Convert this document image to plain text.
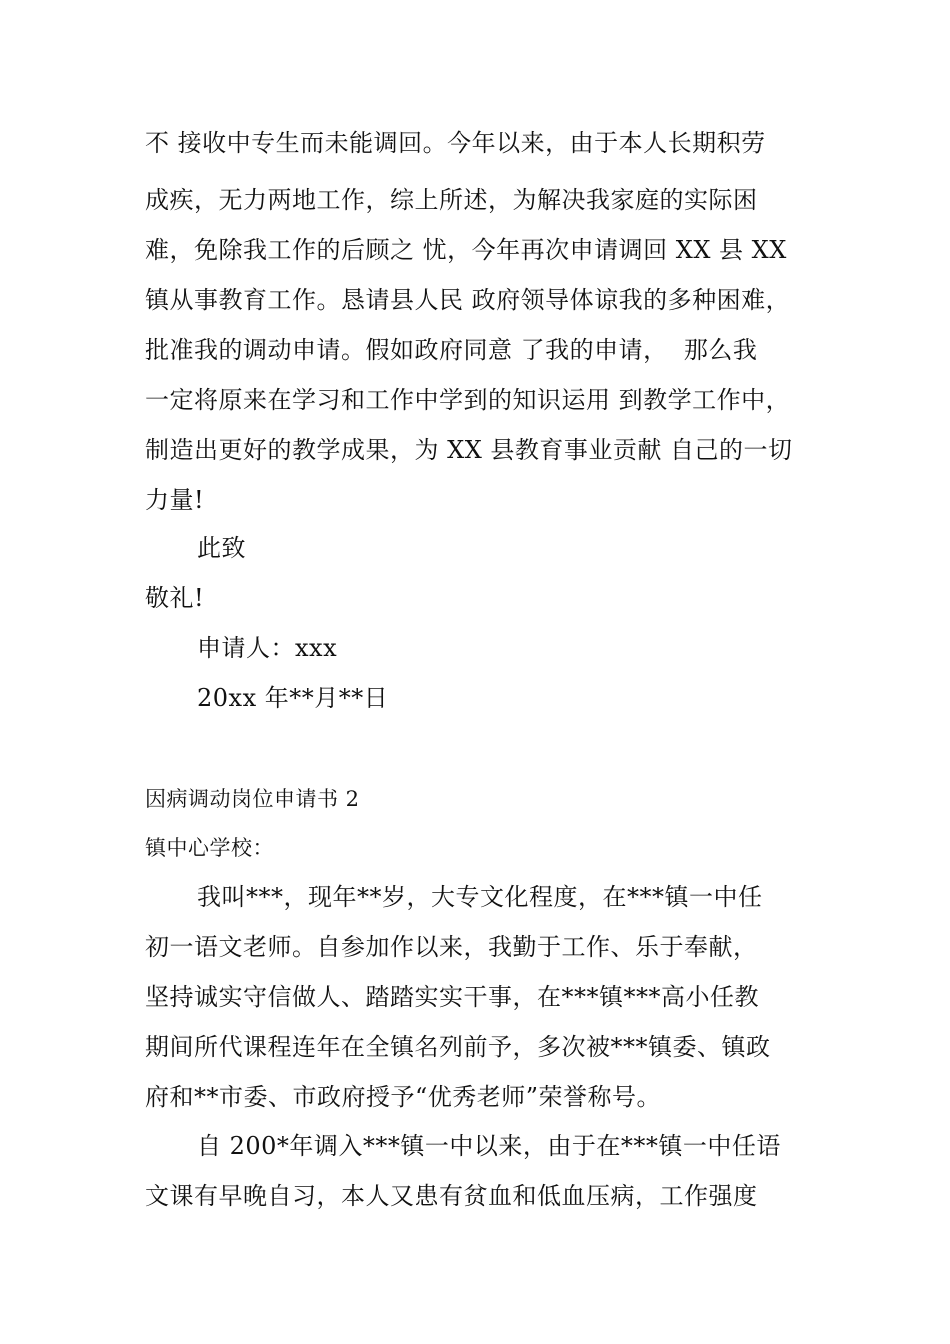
不 接收中专生而未能调回。今年以来，由于本人长期积劳
成疾，无力两地工作，综上所述，为解决我家庭的实际困
难，免除我工作的后顾之 忧，今年再次申请调回 XX 县 XX
镇从事教育工作。恳请县人民 政府领导体谅我的多种困难，
批准我的调动申请。假如政府同意 了我的申请，  那么我
一定将原来在学习和工作中学到的知识运用 到教学工作中，
制造出更好的教学成果，为 XX 县教育事业贡献 自己的一切
力量!
此致
敬礼!
申请人：xxx
20xx 年**月**日
因病调动岗位申请书 2
镇中心学校：
我叫***，现年**岁，大专文化程度，在***镇一中任
初一语文老师。自参加作以来，我勤于工作、乐于奉献，
坚持诚实守信做人、踏踏实实干事，在***镇***高小任教
期间所代课程连年在全镇名列前予，多次被***镇委、镇政
府和**市委、市政府授予“优秀老师”荣誉称号。
自 200*年调入***镇一中以来，由于在***镇一中任语
文课有早晚自习，本人又患有贫血和低血压病，工作强度
